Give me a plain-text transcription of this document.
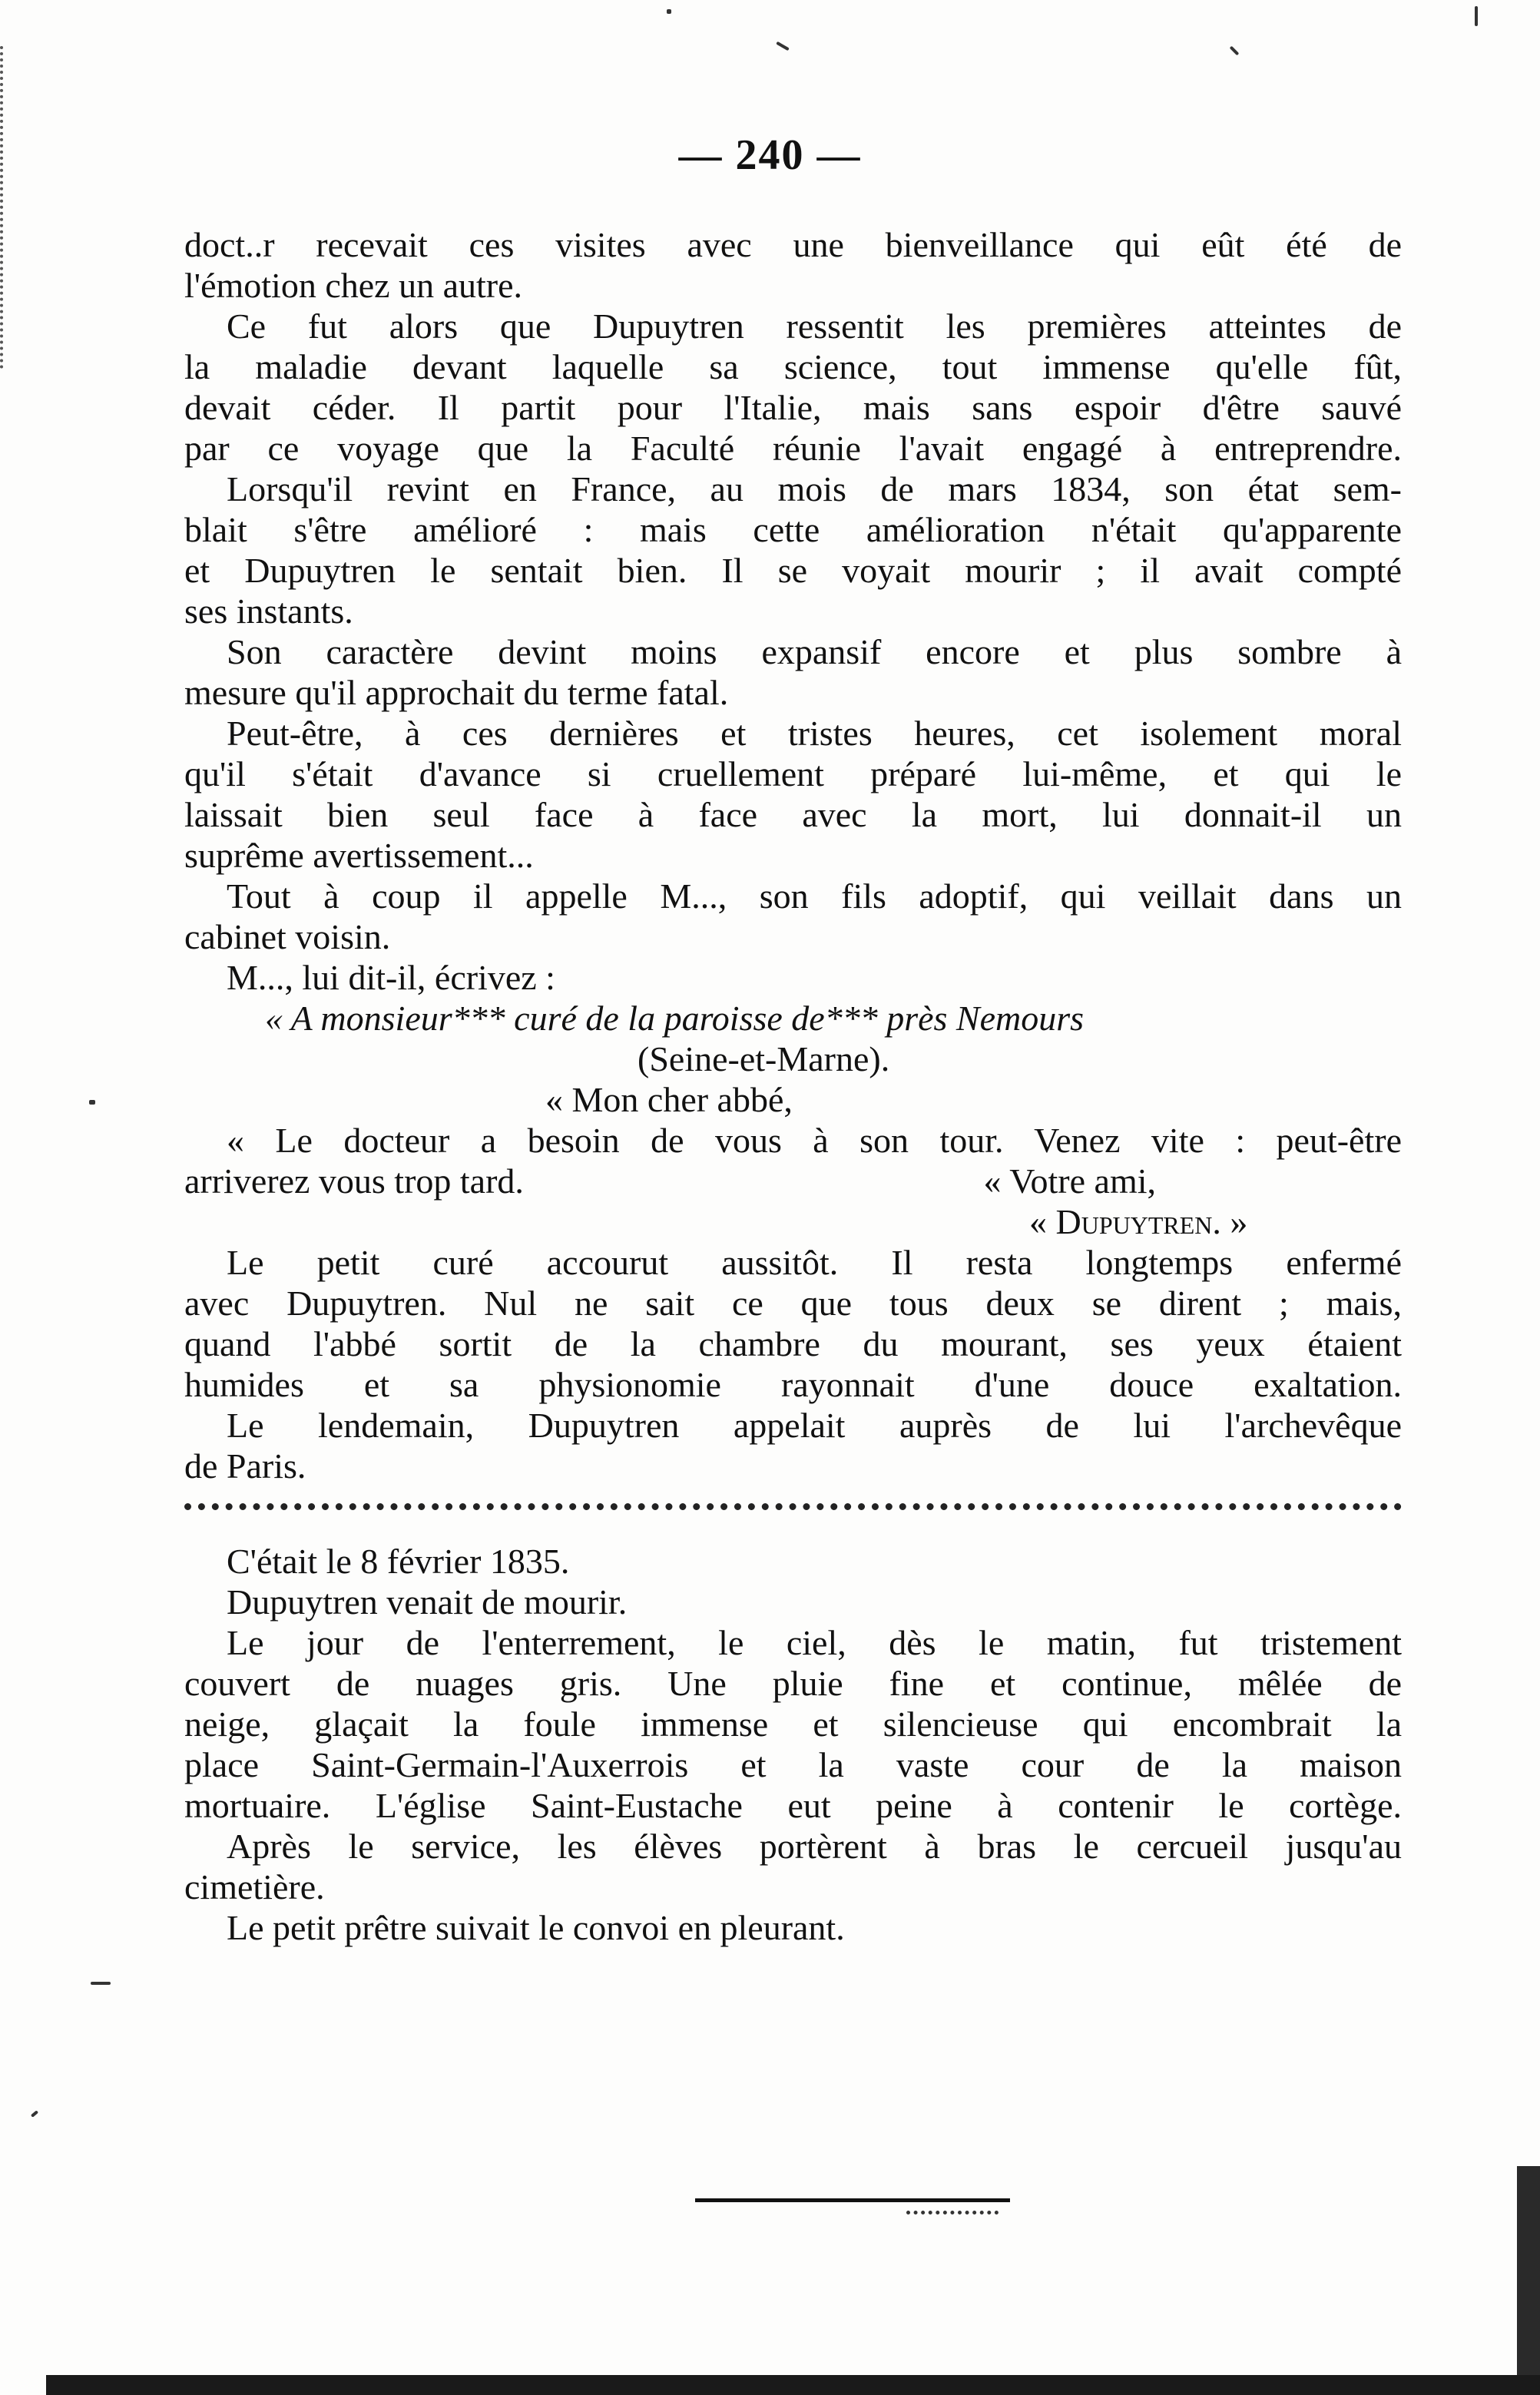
— 240 —
doct..r recevait ces visites avec une bienveillance qui eût été de
l'émotion chez un autre.
Ce fut alors que Dupuytren ressentit les premières atteintes de
la maladie devant laquelle sa science, tout immense qu'elle fût,
devait céder. Il partit pour l'Italie, mais sans espoir d'être sauvé
par ce voyage que la Faculté réunie l'avait engagé à entreprendre.
Lorsqu'il revint en France, au mois de mars 1834, son état sem-
blait s'être amélioré : mais cette amélioration n'était qu'apparente
et Dupuytren le sentait bien. Il se voyait mourir ; il avait compté
ses instants.
Son caractère devint moins expansif encore et plus sombre à
mesure qu'il approchait du terme fatal.
Peut-être, à ces dernières et tristes heures, cet isolement moral
qu'il s'était d'avance si cruellement préparé lui-même, et qui le
laissait bien seul face à face avec la mort, lui donnait-il un
suprême avertissement...
Tout à coup il appelle M..., son fils adoptif, qui veillait dans un
cabinet voisin.
M..., lui dit-il, écrivez :
« A monsieur*** curé de la paroisse de*** près Nemours
(Seine-et-Marne).
« Mon cher abbé,
« Le docteur a besoin de vous à son tour. Venez vite : peut-être
arriverez vous trop tard.	« Votre ami,
« Dupuytren. »
Le petit curé accourut aussitôt. Il resta longtemps enfermé
avec Dupuytren. Nul ne sait ce que tous deux se dirent ; mais,
quand l'abbé sortit de la chambre du mourant, ses yeux étaient
humides et sa physionomie rayonnait d'une douce exaltation.
Le lendemain, Dupuytren appelait auprès de lui l'archevêque
de Paris.
C'était le 8 février 1835.
Dupuytren venait de mourir.
Le jour de l'enterrement, le ciel, dès le matin, fut tristement
couvert de nuages gris. Une pluie fine et continue, mêlée de
neige, glaçait la foule immense et silencieuse qui encombrait la
place Saint-Germain-l'Auxerrois et la vaste cour de la maison
mortuaire. L'église Saint-Eustache eut peine à contenir le cortège.
Après le service, les élèves portèrent à bras le cercueil jusqu'au
cimetière.
Le petit prêtre suivait le convoi en pleurant.
